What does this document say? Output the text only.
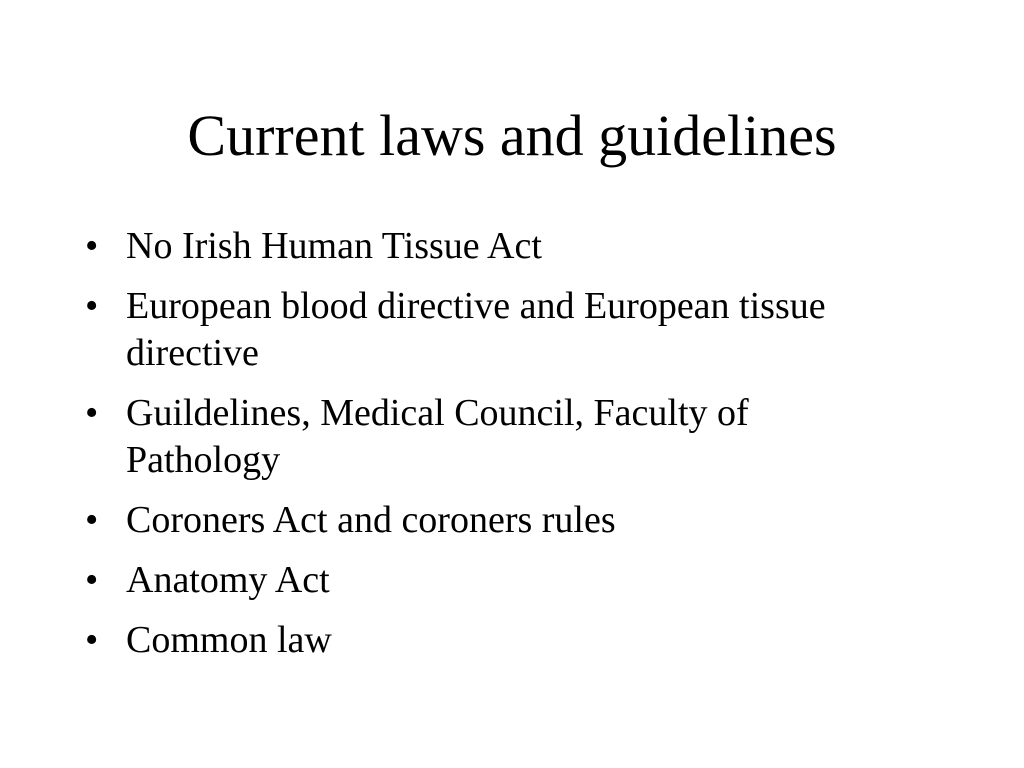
Current laws and guidelines
• No Irish Human Tissue Act
• European blood directive and European tissue directive
• Guildelines, Medical Council, Faculty of Pathology
• Coroners Act and coroners rules
• Anatomy Act
• Common law
